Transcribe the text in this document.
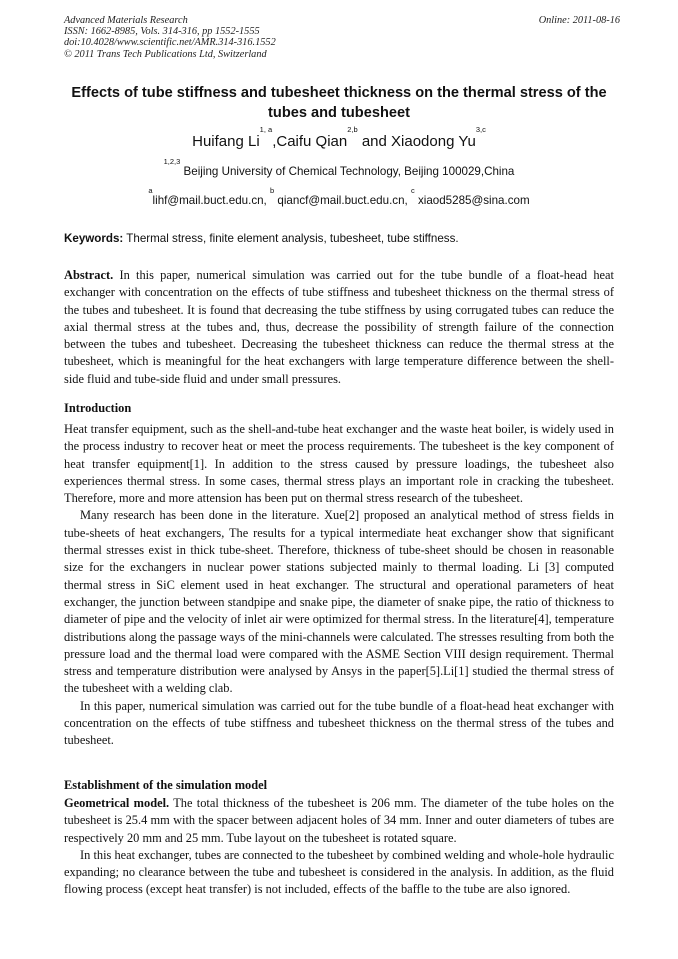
Advanced Materials Research
ISSN: 1662-8985, Vols. 314-316, pp 1552-1555
doi:10.4028/www.scientific.net/AMR.314-316.1552
© 2011 Trans Tech Publications Ltd, Switzerland
Online: 2011-08-16
Effects of tube stiffness and tubesheet thickness on the thermal stress of the tubes and tubesheet
Huifang Li$^{1, a}$,Caifu Qian$^{2,b}$ and Xiaodong Yu$^{3,c}$
$^{1,2,3}$ Beijing University of Chemical Technology, Beijing 100029,China
$^a$lihf@mail.buct.edu.cn, $^b$ qiancf@mail.buct.edu.cn, $^c$ xiaod5285@sina.com
Keywords: Thermal stress, finite element analysis, tubesheet, tube stiffness.

Abstract. In this paper, numerical simulation was carried out for the tube bundle of a float-head heat exchanger with concentration on the effects of tube stiffness and tubesheet thickness on the thermal stress of the tubes and tubesheet. It is found that decreasing the tube stiffness by using corrugated tubes can reduce the axial thermal stress at the tubes and, thus, decrease the possibility of strength failure of the connection between the tubes and tubesheet. Decreasing the tubesheet thickness can reduce the thermal stress at the tubesheet, which is meaningful for the heat exchangers with large temperature difference between the shell-side fluid and tube-side fluid and under small pressures.

Introduction

Heat transfer equipment, such as the shell-and-tube heat exchanger and the waste heat boiler, is widely used in the process industry to recover heat or meet the process requirements. The tubesheet is the key component of heat transfer equipment[1]. In addition to the stress caused by pressure loadings, the tubesheet also experiences thermal stress. In some cases, thermal stress plays an important role in cracking the tubesheet. Therefore, more and more attension has been put on thermal stress research of the tubesheet.

Many research has been done in the literature. Xue[2] proposed an analytical method of stress fields in tube-sheets of heat exchangers, The results for a typical intermediate heat exchanger show that significant thermal stresses exist in thick tube-sheet. Therefore, thickness of tube-sheet should be chosen in reasonable size for the exchangers in nuclear power stations subjected mainly to thermal loading. Li [3] computed thermal stress in SiC element used in heat exchanger. The structural and operational parameters of heat exchanger, the junction between standpipe and snake pipe, the diameter of snake pipe, the ratio of thickness to diameter of pipe and the velocity of inlet air were optimized for thermal stress. In the literature[4], temperature distributions along the passage ways of the mini-channels were calculated. The stresses resulting from both the pressure load and the thermal load were compared with the ASME Section VIII design requirement. Thermal stress and temperature distribution were analysed by Ansys in the paper[5].Li[1] studied the thermal stress of the tubesheet with a welding clab.

In this paper, numerical simulation was carried out for the tube bundle of a float-head heat exchanger with concentration on the effects of tube stiffness and tubesheet thickness on the thermal stress of the tubes and tubesheet.

Establishment of the simulation model

Geometrical model. The total thickness of the tubesheet is 206 mm. The diameter of the tube holes on the tubesheet is 25.4 mm with the spacer between adjacent holes of 34 mm. Inner and outer diameters of tubes are respectively 20 mm and 25 mm. Tube layout on the tubesheet is rotated square.

In this heat exchanger, tubes are connected to the tubesheet by combined welding and whole-hole hydraulic expanding; no clearance between the tube and tubesheet is considered in the analysis. In addition, as the fluid flowing process (except heat transfer) is not included, effects of the baffle to the tube are also ignored.
